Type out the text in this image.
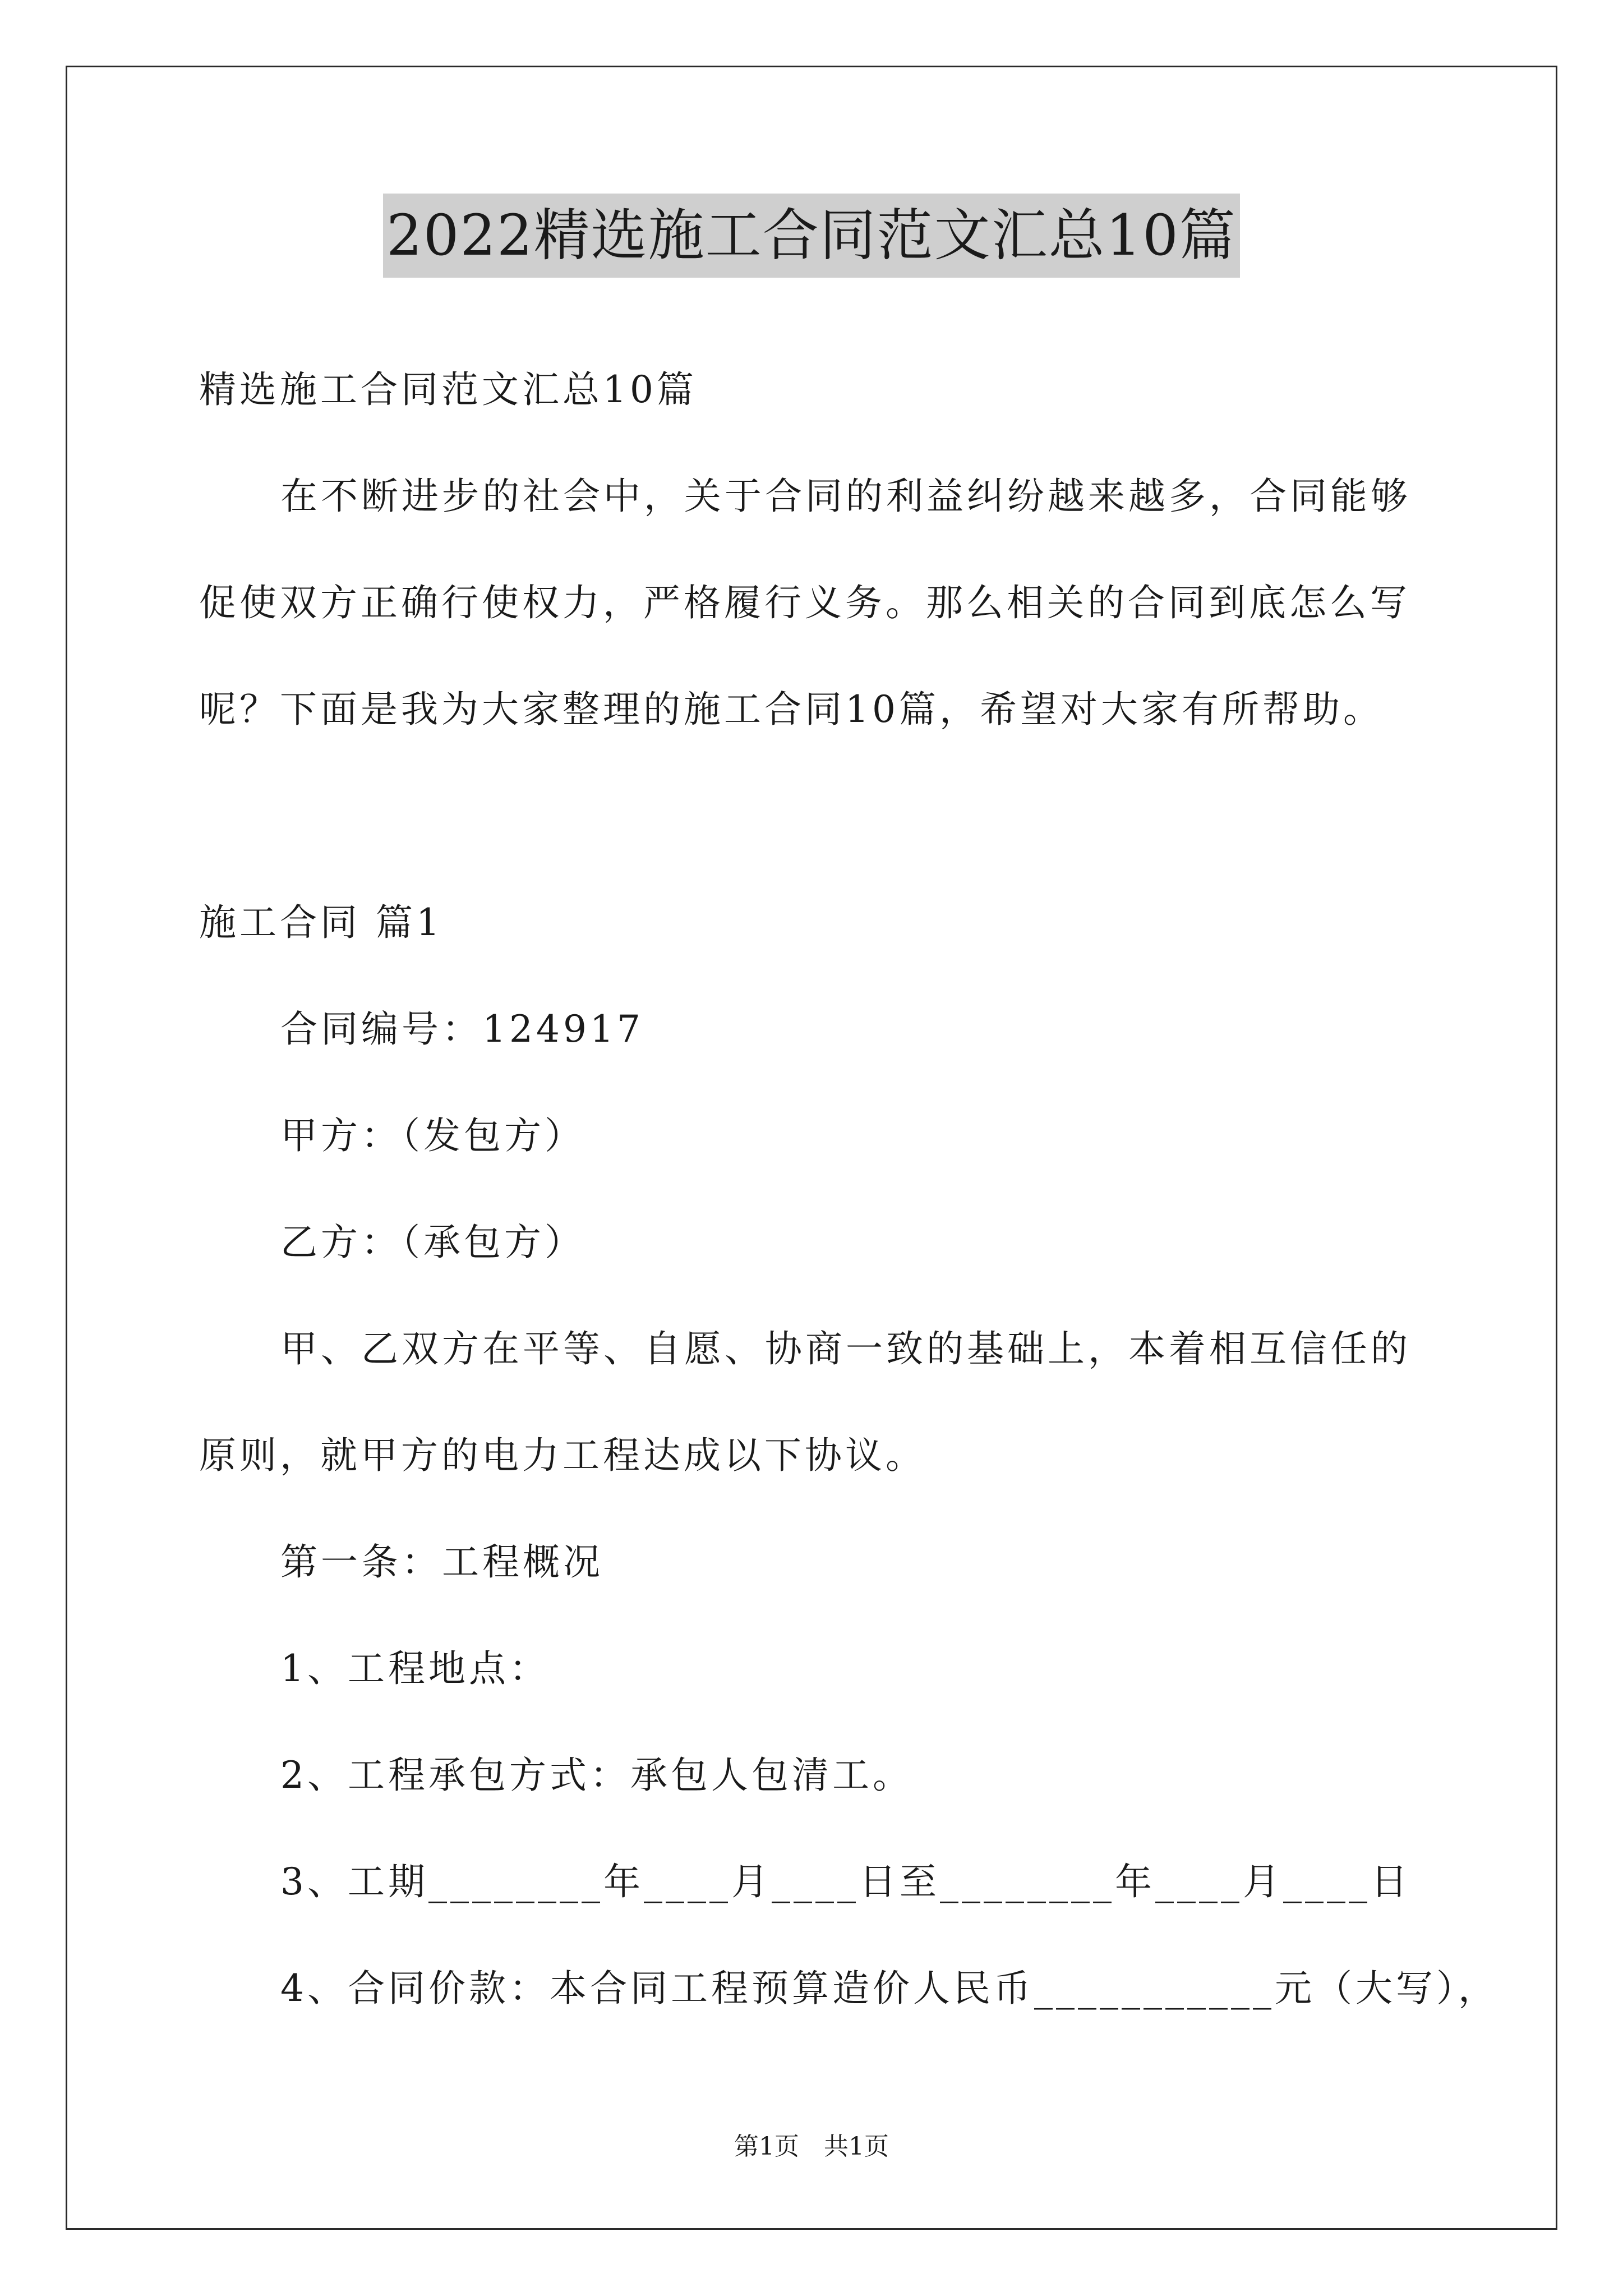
2022精选施工合同范文汇总10篇

精选施工合同范文汇总10篇

在不断进步的社会中，关于合同的利益纠纷越来越多，合同能够

促使双方正确行使权力，严格履行义务。那么相关的合同到底怎么写

呢？下面是我为大家整理的施工合同10篇，希望对大家有所帮助。

施工合同 篇1

合同编号：124917

甲方：（发包方）

乙方：（承包方）

甲、乙双方在平等、自愿、协商一致的基础上，本着相互信任的

原则，就甲方的电力工程达成以下协议。

第一条：工程概况

1、工程地点：

2、工程承包方式：承包人包清工。

3、工期________年____月____日至________年____月____日

4、合同价款：本合同工程预算造价人民币___________元（大写），

第1页　共1页
